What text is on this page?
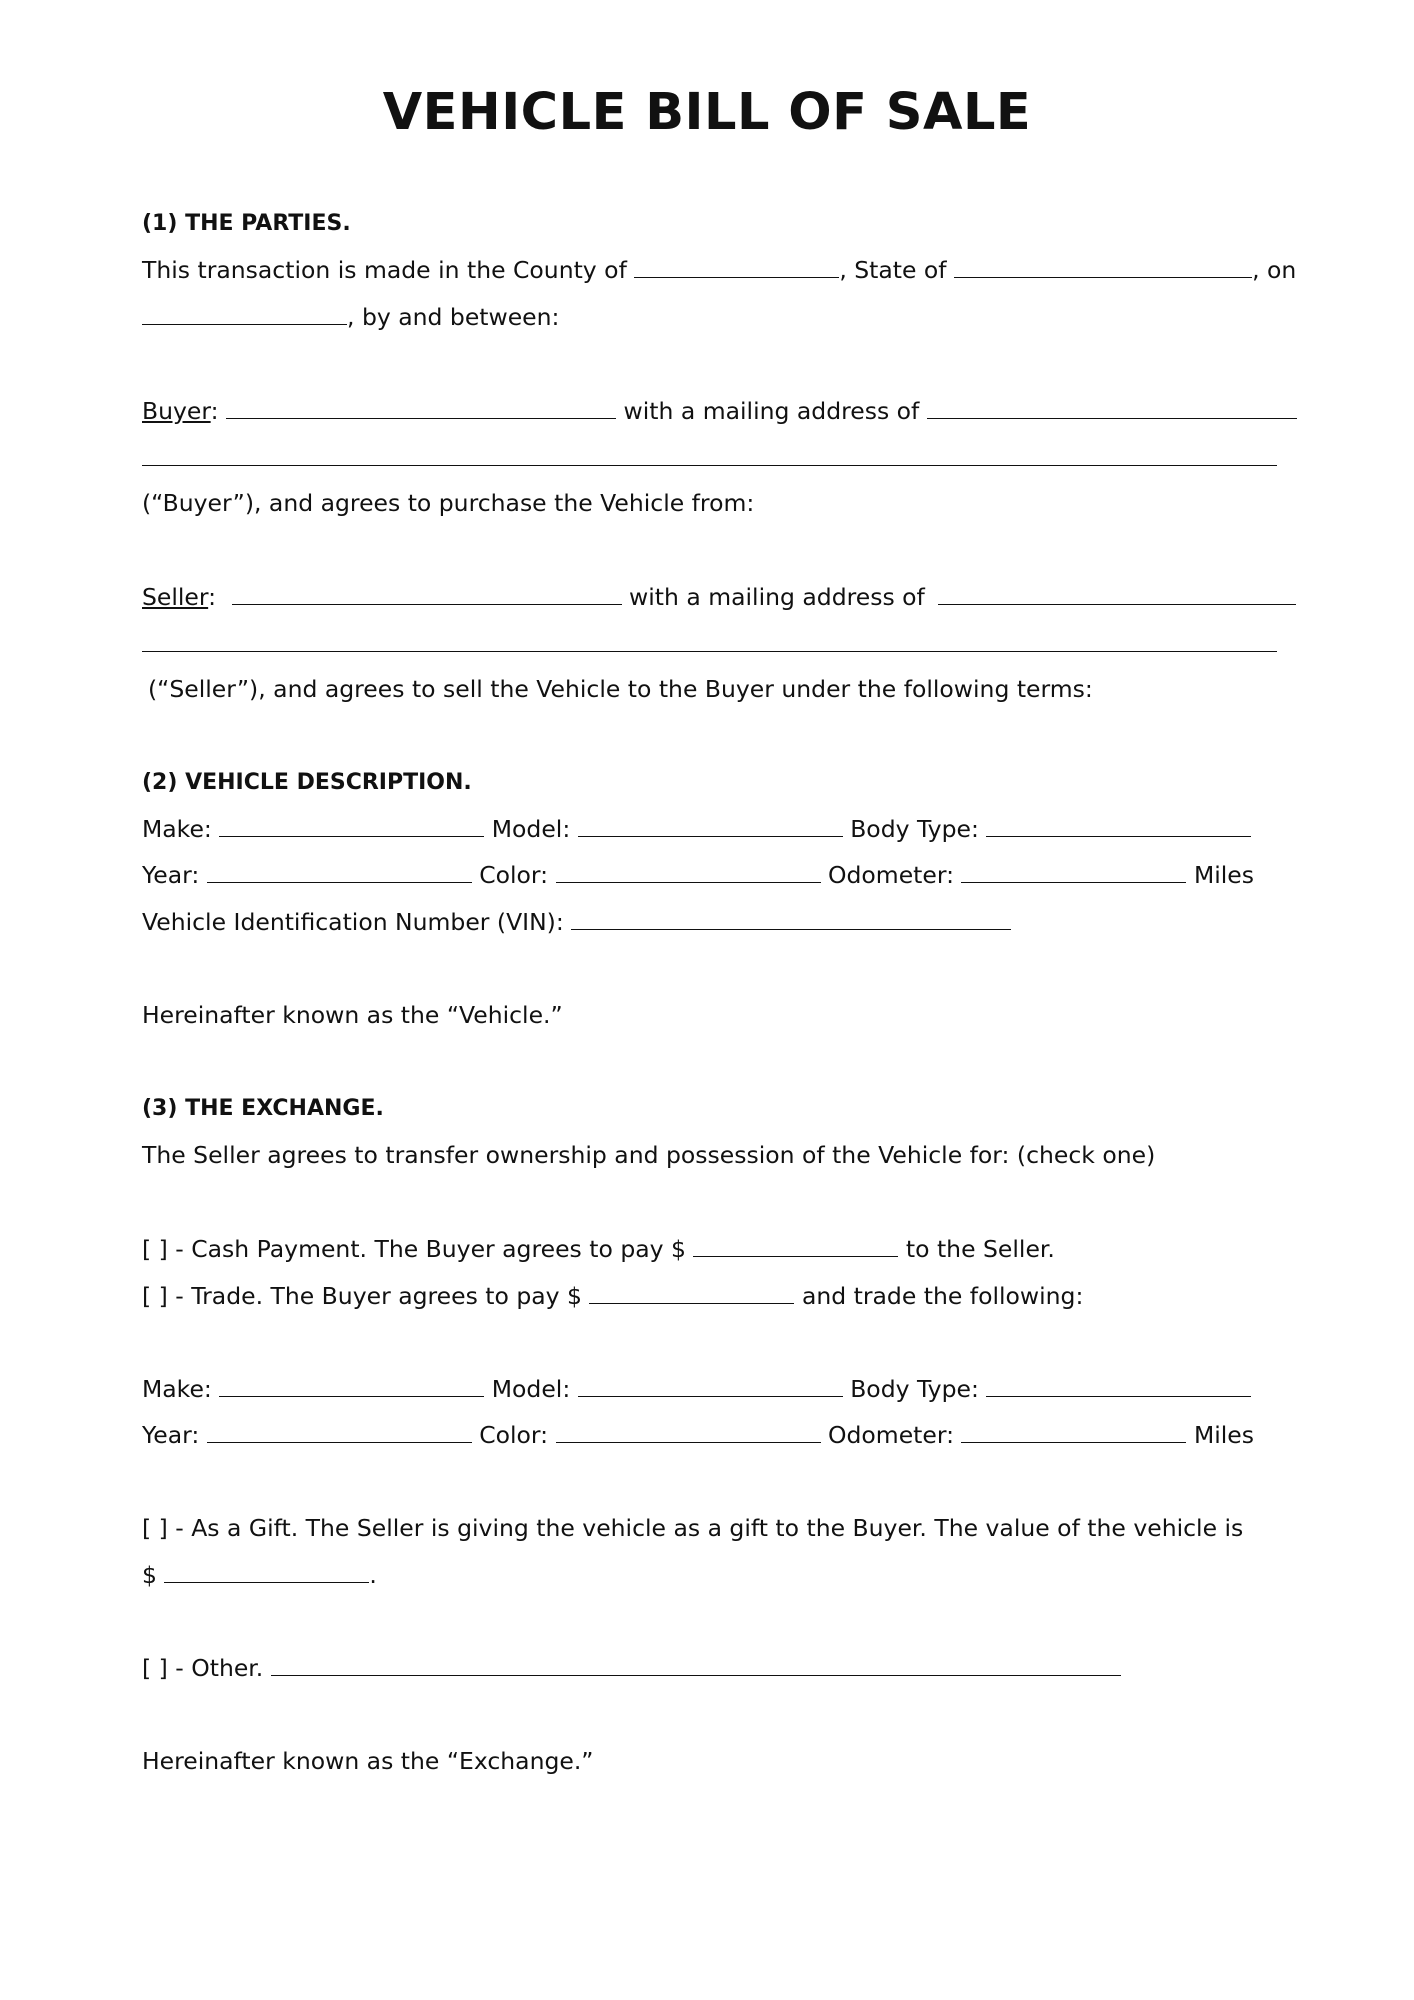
VEHICLE BILL OF SALE
(1) THE PARTIES.
This transaction is made in the County of	, State of	, on
, by and between:
Buyer:	with a mailing address of
(“Buyer”), and agrees to purchase the Vehicle from:
Seller:	with a mailing address of
(“Seller”), and agrees to sell the Vehicle to the Buyer under the following terms:
(2) VEHICLE DESCRIPTION.
Make:	Model:	Body Type:
Year:	Color:	Odometer:	Miles
Vehicle Identification Number (VIN):
Hereinafter known as the “Vehicle.”
(3) THE EXCHANGE.
The Seller agrees to transfer ownership and possession of the Vehicle for: (check one)
[ ] - Cash Payment. The Buyer agrees to pay $	to the Seller.
[ ] - Trade. The Buyer agrees to pay $	and trade the following:
Make:	Model:	Body Type:
Year:	Color:	Odometer:	Miles
[ ] - As a Gift. The Seller is giving the vehicle as a gift to the Buyer. The value of the vehicle is
$	.
[ ] - Other.
Hereinafter known as the “Exchange.”
